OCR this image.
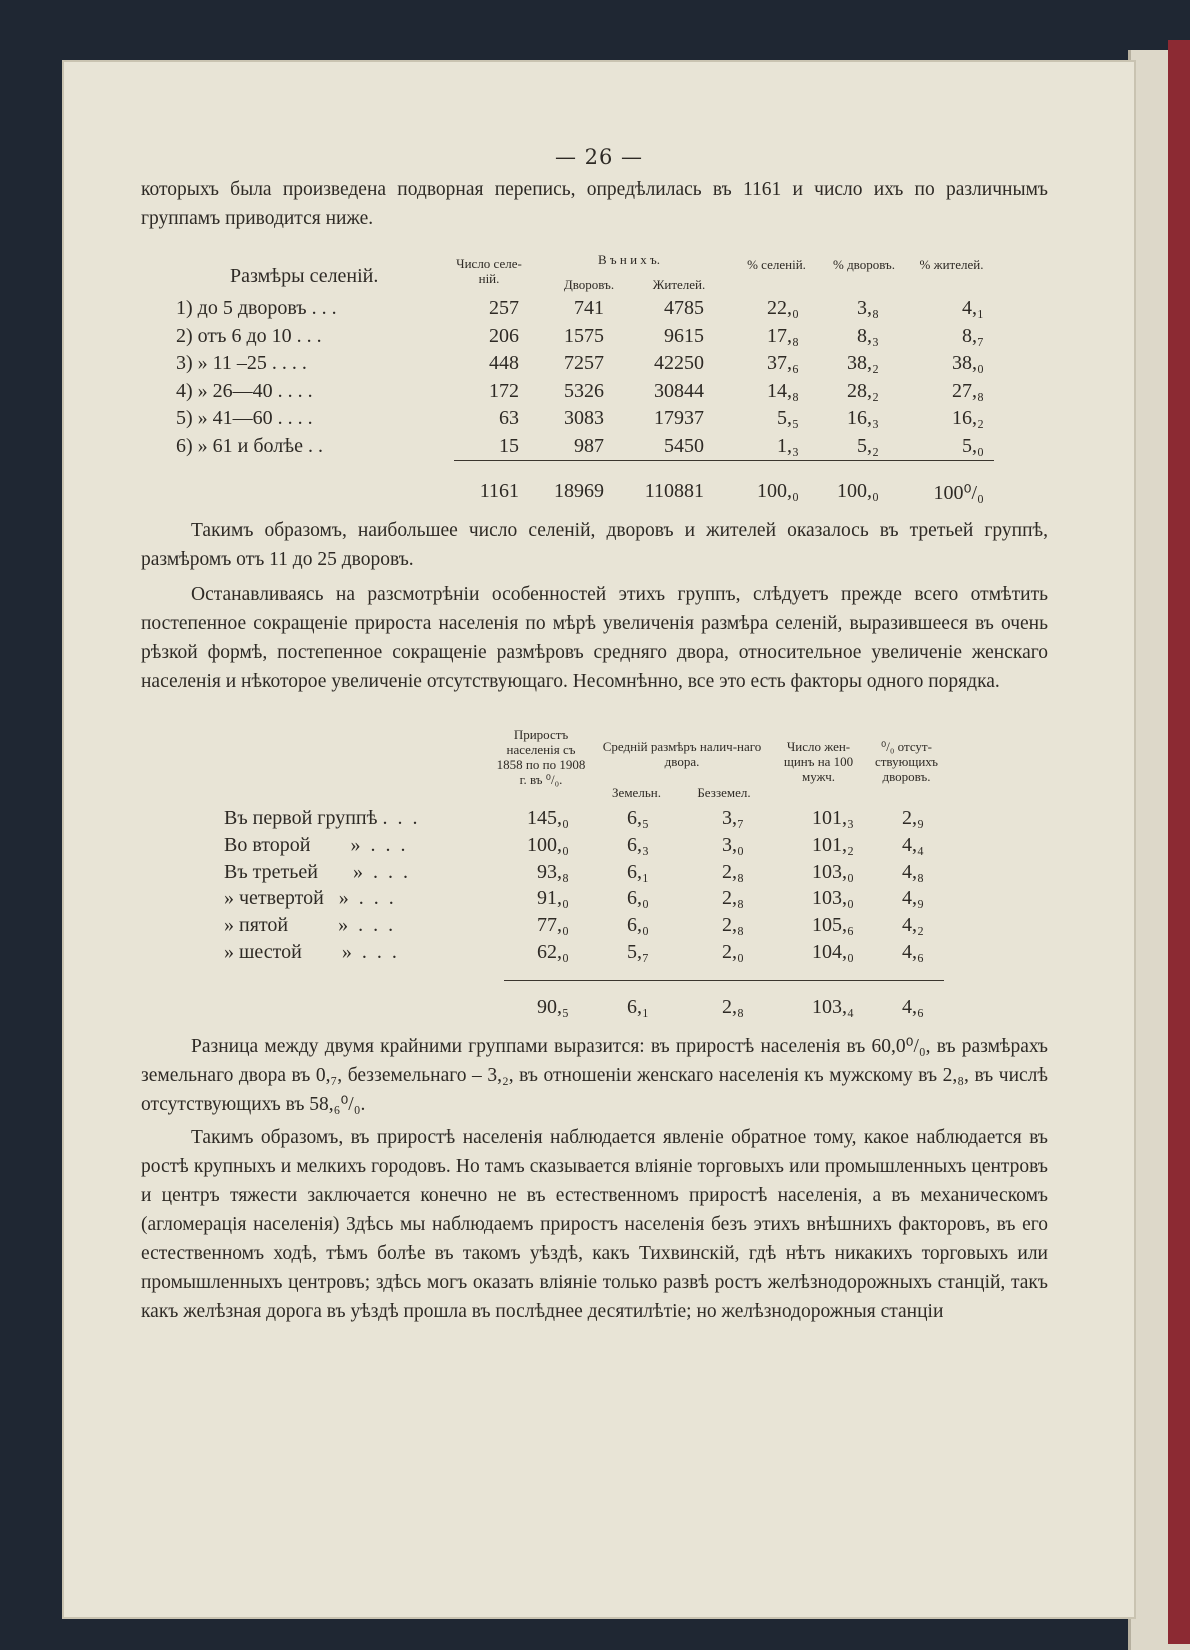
— 26 —

которыхъ была произведена подворная перепись, опредѣлилась въ 1161 и число ихъ по различнымъ группамъ приводится ниже.

Размѣры селеній.
Число селе-ній.
В ъ н и х ъ.
Дворовъ.	Жителей.
% селеній.	% дворовъ.	% жителей.
1) до 5 дворовъ . . .	257	741	4785	22,₀	3,₈	4,₁
2) отъ 6 до 10 . . .	206	1575	9615	17,₈	8,₃	8,₇
3) » 11 –25 . . . .	448	7257	42250	37,₆	38,₂	38,₀
4) » 26—40 . . . .	172	5326	30844	14,₈	28,₂	27,₈
5) » 41—60 . . . .	63	3083	17937	5,₅	16,₃	16,₂
6) » 61 и болѣе . .	15	987	5450	1,₃	5,₂	5,₀
1161	18969	110881	100,₀	100,₀	100⁰/₀

Такимъ образомъ, наибольшее число селеній, дворовъ и жителей оказалось въ третьей группѣ, размѣромъ отъ 11 до 25 дворовъ.

Останавливаясь на разсмотрѣніи особенностей этихъ группъ, слѣдуетъ прежде всего отмѣтить постепенное сокращеніе прироста населенія по мѣрѣ увеличенія размѣра селеній, выразившееся въ очень рѣзкой формѣ, постепенное сокращеніе размѣровъ средняго двора, относительное увеличеніе женскаго населенія и нѣкоторое увеличеніе отсутствующаго. Несомнѣнно, все это есть факторы одного порядка.

Приростъ населенія съ 1858 по по 1908 г. въ ⁰/₀.
Средній размѣръ налич-наго двора.
Земельн.	Безземел.
Число жен-щинъ на 100 мужч.
⁰/₀ отсут-ствующихъ дворовъ.
Въ первой группѣ .  .  .	145,₀	6,₅	3,₇	101,₃	2,₉
Во второй        »  .  .  .	100,₀	6,₃	3,₀	101,₂	4,₄
Въ третьей       »  .  .  .	93,₈	6,₁	2,₈	103,₀	4,₈
» четвертой   »  .  .  .	91,₀	6,₀	2,₈	103,₀	4,₉
» пятой          »  .  .  .	77,₀	6,₀	2,₈	105,₆	4,₂
» шестой        »  .  .  .	62,₀	5,₇	2,₀	104,₀	4,₆
90,₅	6,₁	2,₈	103,₄	4,₆

Разница между двумя крайними группами выразится: въ приростѣ населенія въ 60,0⁰/₀, въ размѣрахъ земельнаго двора въ 0,₇, безземельнаго – 3,₂, въ отношеніи женскаго населенія къ мужскому въ 2,₈, въ числѣ отсутствующихъ въ 58,₆⁰/₀.

Такимъ образомъ, въ приростѣ населенія наблюдается явленіе обратное тому, какое наблюдается въ ростѣ крупныхъ и мелкихъ городовъ. Но тамъ сказывается вліяніе торговыхъ или промышленныхъ центровъ и центръ тяжести заключается конечно не въ естественномъ приростѣ населенія, а въ механическомъ (агломерація населенія) Здѣсь мы наблюдаемъ приростъ населенія безъ этихъ внѣшнихъ факторовъ, въ его естественномъ ходѣ, тѣмъ болѣе въ такомъ уѣздѣ, какъ Тихвинскій, гдѣ нѣтъ никакихъ торговыхъ или промышленныхъ центровъ; здѣсь могъ оказать вліяніе только развѣ ростъ желѣзнодорожныхъ станцій, такъ какъ желѣзная дорога въ уѣздѣ прошла въ послѣднее десятилѣтіе; но желѣзнодорожныя станціи
